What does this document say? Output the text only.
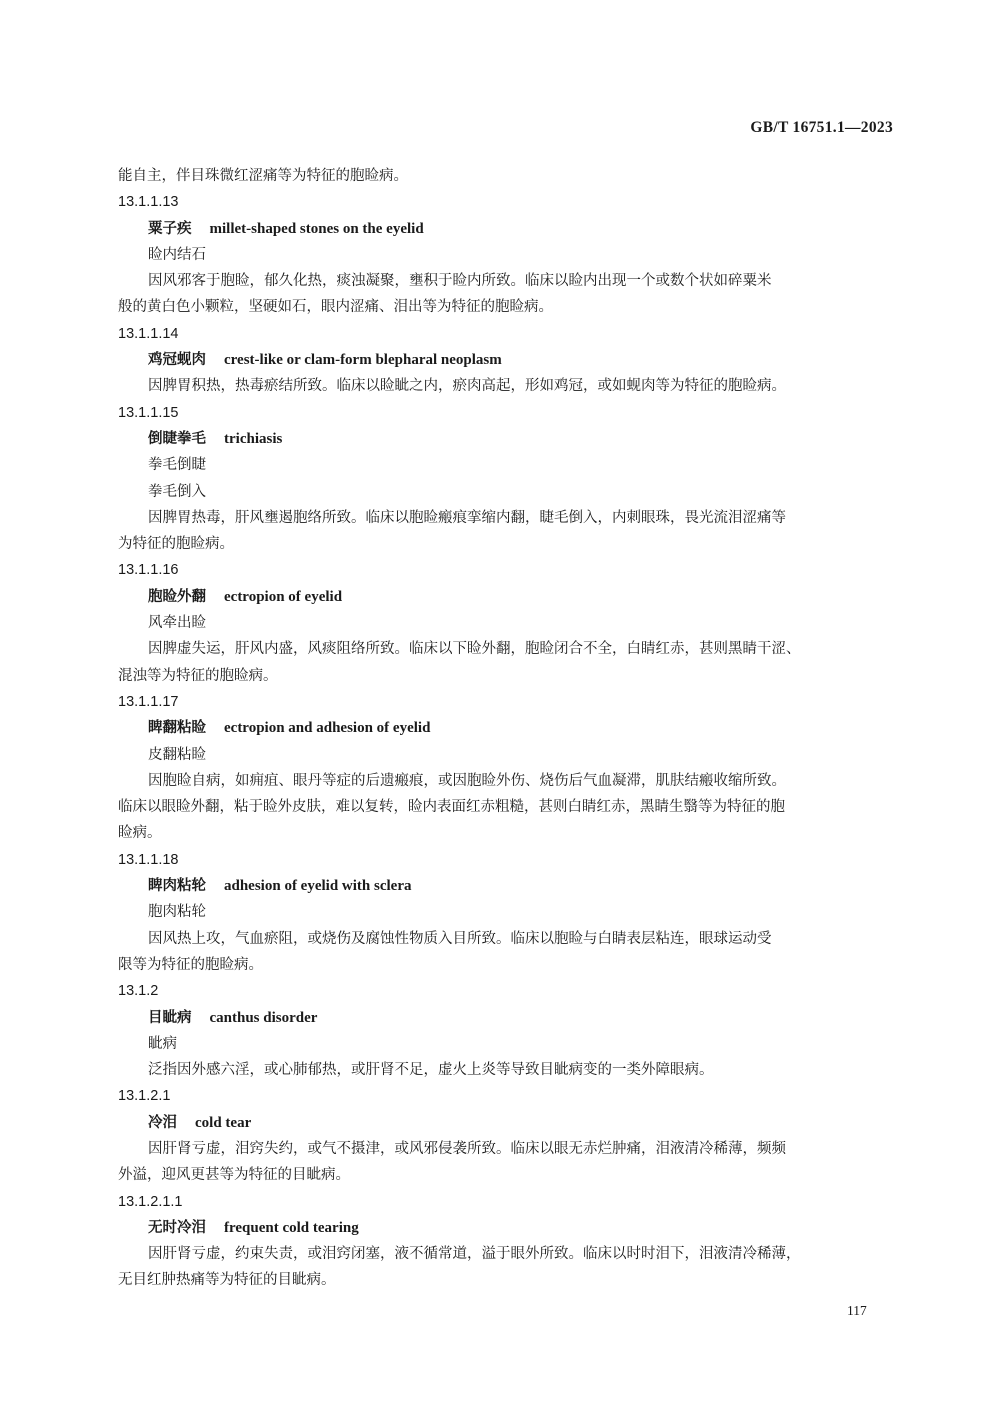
GB/T 16751.1—2023
能自主，伴目珠微红涩痛等为特征的胞睑病。
13.1.1.13
粟子疾 millet-shaped stones on the eyelid
睑内结石
因风邪客于胞睑，郁久化热，痰浊凝聚，壅积于睑内所致。临床以睑内出现一个或数个状如碎粟米
般的黄白色小颗粒，坚硬如石，眼内涩痛、泪出等为特征的胞睑病。
13.1.1.14
鸡冠蚬肉 crest-like or clam-form blepharal neoplasm
因脾胃积热，热毒瘀结所致。临床以睑眦之内，瘀肉高起，形如鸡冠，或如蚬肉等为特征的胞睑病。
13.1.1.15
倒睫拳毛 trichiasis
拳毛倒睫
拳毛倒入
因脾胃热毒，肝风壅遏胞络所致。临床以胞睑瘢痕挛缩内翻，睫毛倒入，内刺眼珠，畏光流泪涩痛等
为特征的胞睑病。
13.1.1.16
胞睑外翻 ectropion of eyelid
风牵出睑
因脾虚失运，肝风内盛，风痰阻络所致。临床以下睑外翻，胞睑闭合不全，白睛红赤，甚则黑睛干涩、
混浊等为特征的胞睑病。
13.1.1.17
睥翻粘睑 ectropion and adhesion of eyelid
皮翻粘睑
因胞睑自病，如痈疽、眼丹等症的后遗瘢痕，或因胞睑外伤、烧伤后气血凝滞，肌肤结瘢收缩所致。
临床以眼睑外翻，粘于睑外皮肤，难以复转，睑内表面红赤粗糙，甚则白睛红赤，黑睛生翳等为特征的胞
睑病。
13.1.1.18
睥肉粘轮 adhesion of eyelid with sclera
胞肉粘轮
因风热上攻，气血瘀阻，或烧伤及腐蚀性物质入目所致。临床以胞睑与白睛表层粘连，眼球运动受
限等为特征的胞睑病。
13.1.2
目眦病 canthus disorder
眦病
泛指因外感六淫，或心肺郁热，或肝肾不足，虚火上炎等导致目眦病变的一类外障眼病。
13.1.2.1
冷泪 cold tear
因肝肾亏虚，泪窍失约，或气不摄津，或风邪侵袭所致。临床以眼无赤烂肿痛，泪液清冷稀薄，频频
外溢，迎风更甚等为特征的目眦病。
13.1.2.1.1
无时冷泪 frequent cold tearing
因肝肾亏虚，约束失责，或泪窍闭塞，液不循常道，溢于眼外所致。临床以时时泪下，泪液清冷稀薄，
无目红肿热痛等为特征的目眦病。
117
